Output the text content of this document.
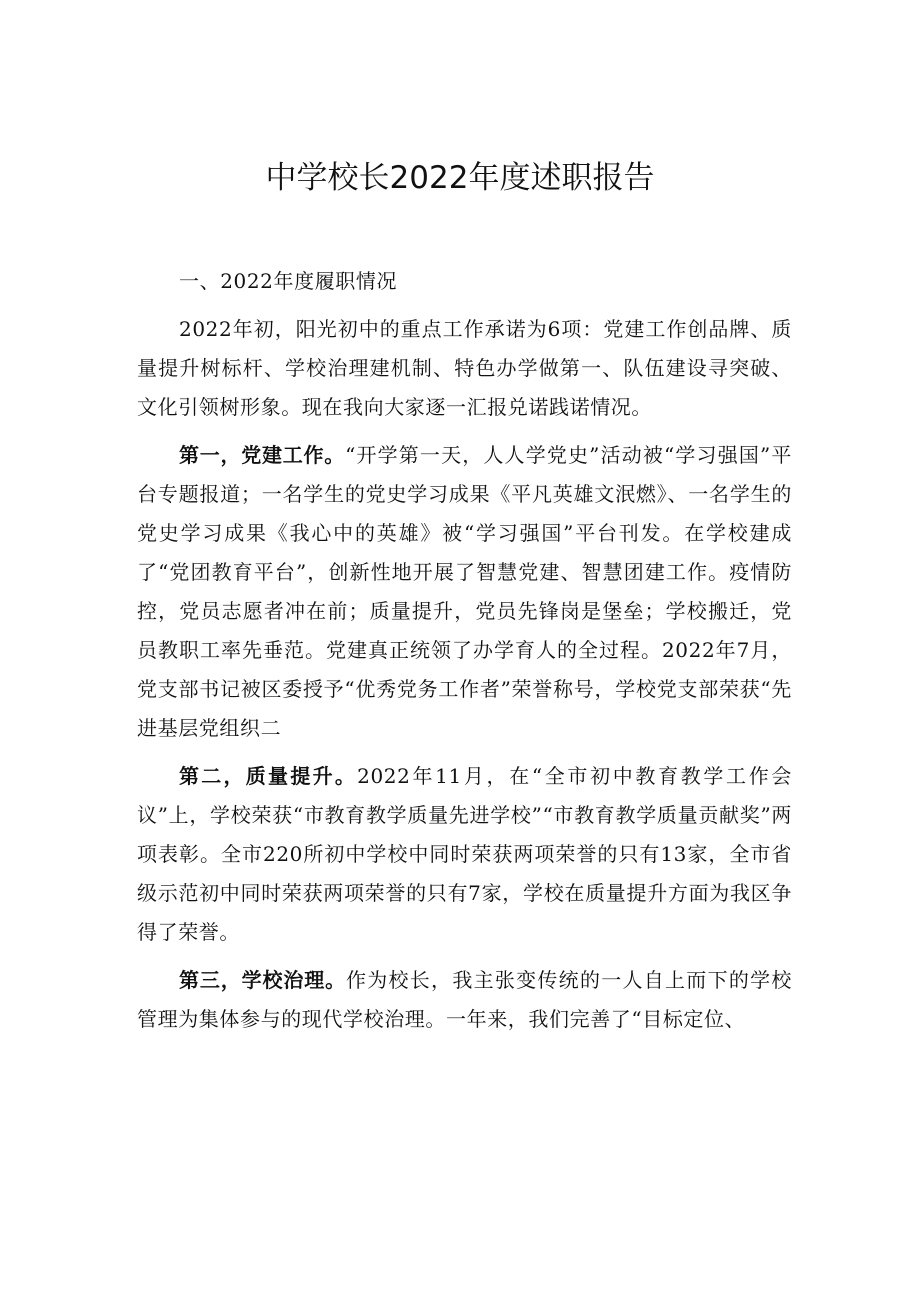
中学校长2022年度述职报告

一、2022年度履职情况

2022年初，阳光初中的重点工作承诺为6项：党建工作创品牌、质量提升树标杆、学校治理建机制、特色办学做第一、队伍建设寻突破、文化引领树形象。现在我向大家逐一汇报兑诺践诺情况。

第一，党建工作。“开学第一天，人人学党史”活动被“学习强国”平台专题报道；一名学生的党史学习成果《平凡英雄文泯燃》、一名学生的党史学习成果《我心中的英雄》被“学习强国”平台刊发。在学校建成了“党团教育平台”，创新性地开展了智慧党建、智慧团建工作。疫情防控，党员志愿者冲在前；质量提升，党员先锋岗是堡垒；学校搬迁，党员教职工率先垂范。党建真正统领了办学育人的全过程。2022年7月，党支部书记被区委授予“优秀党务工作者”荣誉称号，学校党支部荣获“先进基层党组织二

第二，质量提升。2022年11月，在“全市初中教育教学工作会议”上，学校荣获“市教育教学质量先进学校”“市教育教学质量贡献奖”两项表彰。全市220所初中学校中同时荣获两项荣誉的只有13家，全市省级示范初中同时荣获两项荣誉的只有7家，学校在质量提升方面为我区争得了荣誉。

第三，学校治理。作为校长，我主张变传统的一人自上而下的学校管理为集体参与的现代学校治理。一年来，我们完善了“目标定位、
